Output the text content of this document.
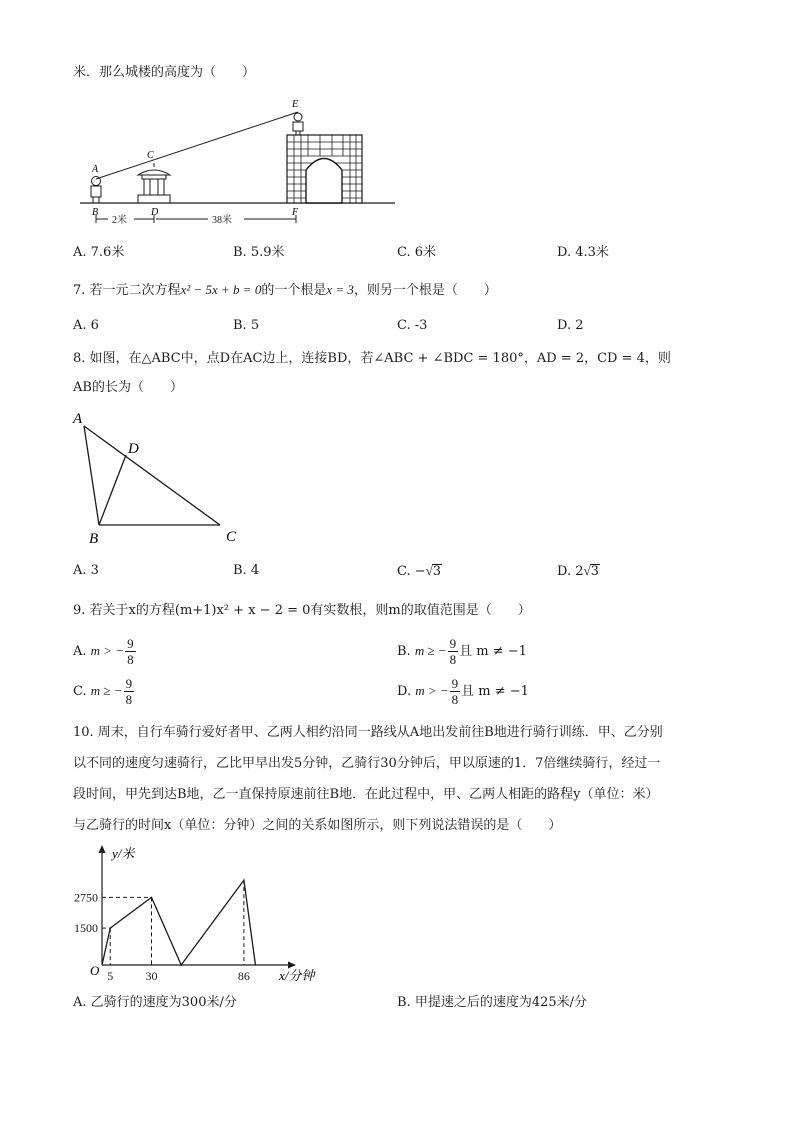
米．那么城楼的高度为（　　）
2米	38米
A
B
C
D
E
F
A. 7.6米	B. 5.9米	C. 6米	D. 4.3米
7. 若一元二次方程x² − 5x + b = 0的一个根是x = 3，则另一个根是（　　）
A. 6	B. 5	C. -3	D. 2
8. 如图，在△ABC中，点D在AC边上，连接BD，若∠ABC + ∠BDC = 180°，AD = 2，CD = 4，则
AB的长为（　　）
A
B	C
D
A. 3	B. 4	C. −√3	D. 2√3
9. 若关于x的方程(m+1)x² + x − 2 = 0有实数根，则m的取值范围是（　　）
A. m > − $\frac{9}{8}$	B. m ≥ − $\frac{9}{8}$ 且 m ≠ −1
C. m ≥ − $\frac{9}{8}$	D. m > − $\frac{9}{8}$ 且 m ≠ −1
10. 周末，自行车骑行爱好者甲、乙两人相约沿同一路线从A地出发前往B地进行骑行训练．甲、乙分别
以不同的速度匀速骑行，乙比甲早出发5分钟，乙骑行30分钟后，甲以原速的1．7倍继续骑行，经过一
段时间，甲先到达B地，乙一直保持原速前往B地．在此过程中，甲、乙两人相距的路程y（单位：米）
与乙骑行的时间x（单位：分钟）之间的关系如图所示，则下列说法错误的是（　　）
y/米
x/分钟
O
1500
2750
5	30	86
A. 乙骑行的速度为300米/分	B. 甲提速之后的速度为425米/分
